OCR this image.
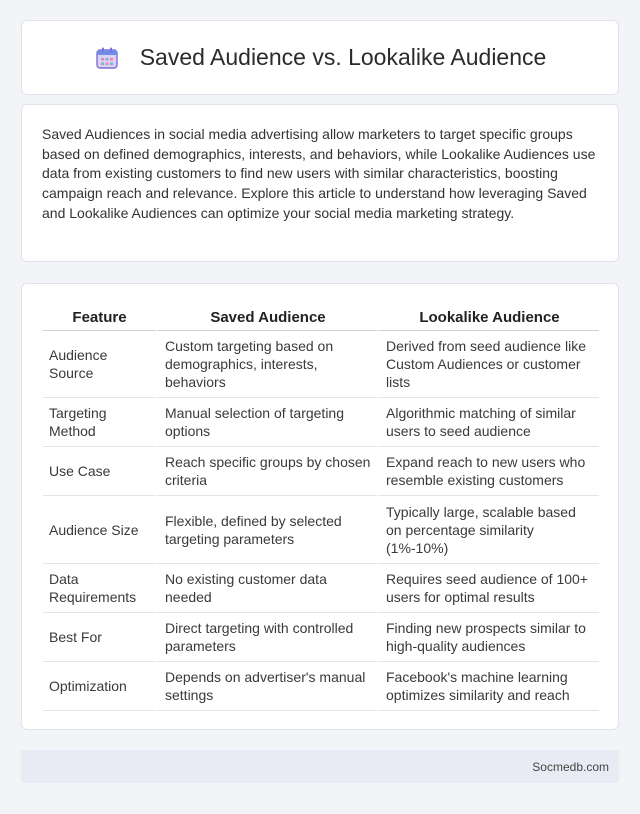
Saved Audience vs. Lookalike Audience

Saved Audiences in social media advertising allow marketers to target specific groups based on defined demographics, interests, and behaviors, while Lookalike Audiences use data from existing customers to find new users with similar characteristics, boosting campaign reach and relevance. Explore this article to understand how leveraging Saved and Lookalike Audiences can optimize your social media marketing strategy.

Feature	Saved Audience	Lookalike Audience
Audience Source	Custom targeting based on demographics, interests, behaviors	Derived from seed audience like Custom Audiences or customer lists
Targeting Method	Manual selection of targeting options	Algorithmic matching of similar users to seed audience
Use Case	Reach specific groups by chosen criteria	Expand reach to new users who resemble existing customers
Audience Size	Flexible, defined by selected targeting parameters	Typically large, scalable based on percentage similarity (1%-10%)
Data Requirements	No existing customer data needed	Requires seed audience of 100+ users for optimal results
Best For	Direct targeting with controlled parameters	Finding new prospects similar to high-quality audiences
Optimization	Depends on advertiser's manual settings	Facebook's machine learning optimizes similarity and reach
Socmedb.com
